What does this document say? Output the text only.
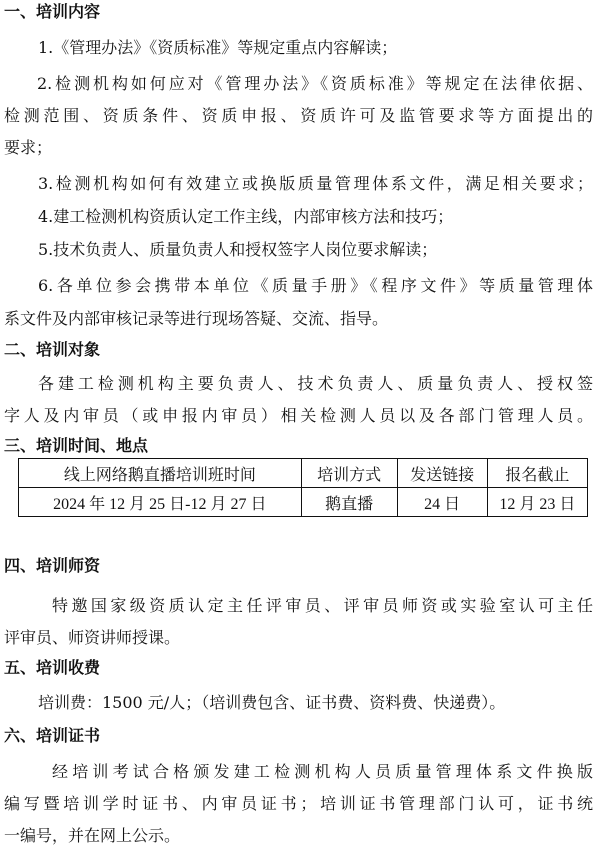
一、培训内容
1.《管理办法》《资质标准》等规定重点内容解读；
2.检测机构如何应对《管理办法》《资质标准》等规定在法律依据、
检测范围、资质条件、资质申报、资质许可及监管要求等方面提出的
要求；
3.检测机构如何有效建立或换版质量管理体系文件，满足相关要求；
4.建工检测机构资质认定工作主线，内部审核方法和技巧；
5.技术负责人、质量负责人和授权签字人岗位要求解读；
6.各单位参会携带本单位《质量手册》《程序文件》等质量管理体
系文件及内部审核记录等进行现场答疑、交流、指导。
二、培训对象
各建工检测机构主要负责人、技术负责人、质量负责人、授权签
字人及内审员（或申报内审员）相关检测人员以及各部门管理人员。
三、培训时间、地点
线上网络鹅直播培训班时间	培训方式	发送链接	报名截止
2024 年 12 月 25 日-12 月 27 日	鹅直播	24 日	12 月 23 日
四、培训师资
特邀国家级资质认定主任评审员、评审员师资或实验室认可主任
评审员、师资讲师授课。
五、培训收费
培训费：1500 元/人；（培训费包含、证书费、资料费、快递费）。
六、培训证书
经培训考试合格颁发建工检测机构人员质量管理体系文件换版
编写暨培训学时证书、内审员证书；培训证书管理部门认可，证书统
一编号，并在网上公示。
